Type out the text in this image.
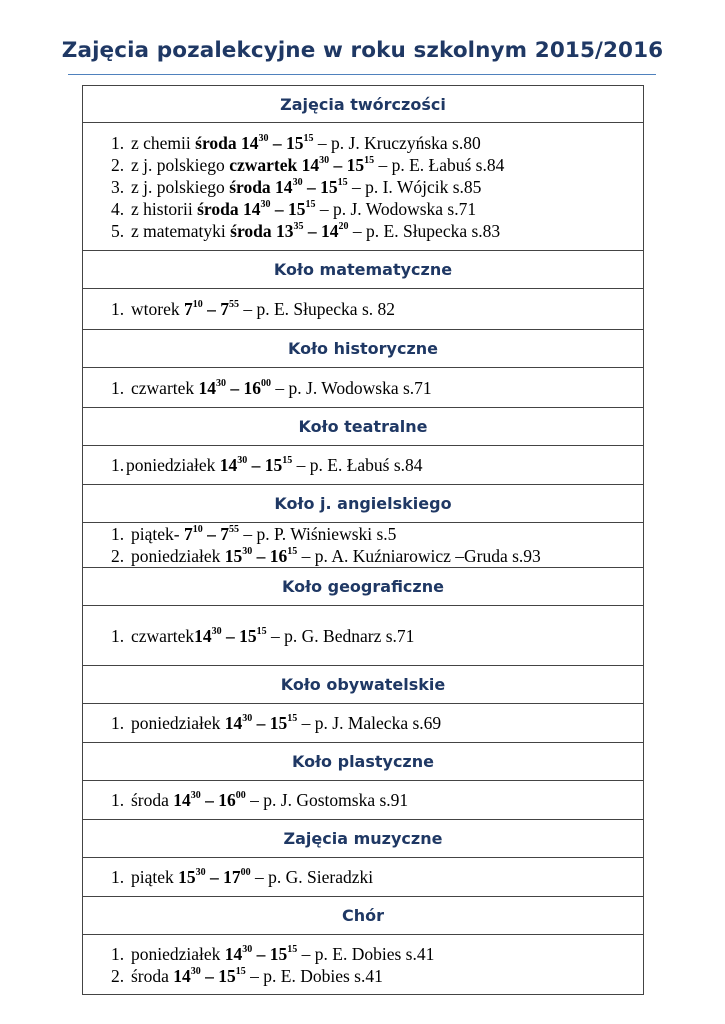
Zajęcia pozalekcyjne w roku szkolnym 2015/2016
Zajęcia twórczości

1. z chemii środa $14^{30} - 15^{15}$ – p. J. Kruczyńska s.80
2. z j. polskiego czwartek $14^{30} - 15^{15}$ – p. E. Łabuś s.84
3. z j. polskiego środa $14^{30} - 15^{15}$ – p. I. Wójcik s.85
4. z historii środa $14^{30} - 15^{15}$ – p. J. Wodowska s.71
5. z matematyki środa $13^{35} - 14^{20}$ – p. E. Słupecka s.83

Koło matematyczne

1. wtorek $7^{10} - 7^{55}$ – p. E. Słupecka s. 82

Koło historyczne

1. czwartek $14^{30} - 16^{00}$ – p. J. Wodowska s.71

Koło teatralne

1. poniedziałek $14^{30} - 15^{15}$ – p. E. Łabuś s.84

Koło j. angielskiego

1. piątek- $7^{10} - 7^{55}$ – p. P. Wiśniewski s.5
2. poniedziałek $15^{30} - 16^{15}$ – p. A. Kuźniarowicz –Gruda s.93

Koło geograficzne

1. $czwartek14^{30} - 15^{15}$ – p. G. Bednarz s.71

Koło obywatelskie

1. poniedziałek $14^{30} - 15^{15}$ – p. J. Malecka s.69

Koło plastyczne

1. środa $14^{30} - 16^{00}$ – p. J. Gostomska s.91

Zajęcia muzyczne

1. piątek $15^{30} - 17^{00}$ – p. G. Sieradzki

Chór

1. poniedziałek $14^{30} - 15^{15}$ – p. E. Dobies s.41
2. środa $14^{30} - 15^{15}$ – p. E. Dobies s.41
